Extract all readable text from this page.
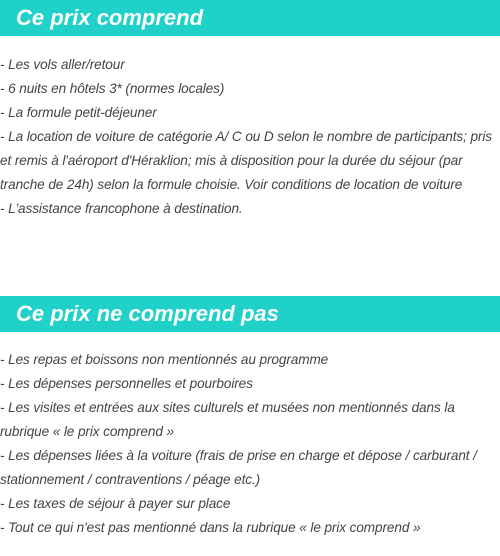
Ce prix comprend
- Les vols aller/retour
- 6 nuits en hôtels 3* (normes locales)
- La formule petit-déjeuner
- La location de voiture de catégorie A/ C ou D selon le nombre de participants; pris et remis à l'aéroport d'Héraklion; mis à disposition pour la durée du séjour (par tranche de 24h) selon la formule choisie. Voir conditions de location de voiture
- L'assistance francophone à destination.
Ce prix ne comprend pas
- Les repas et boissons non mentionnés au programme
- Les dépenses personnelles et pourboires
- Les visites et entrées aux sites culturels et musées non mentionnés dans la rubrique « le prix comprend »
- Les dépenses liées à la voiture (frais de prise en charge et dépose / carburant / stationnement / contraventions / péage etc.)
- Les taxes de séjour à payer sur place
- Tout ce qui n'est pas mentionné dans la rubrique « le prix comprend »
